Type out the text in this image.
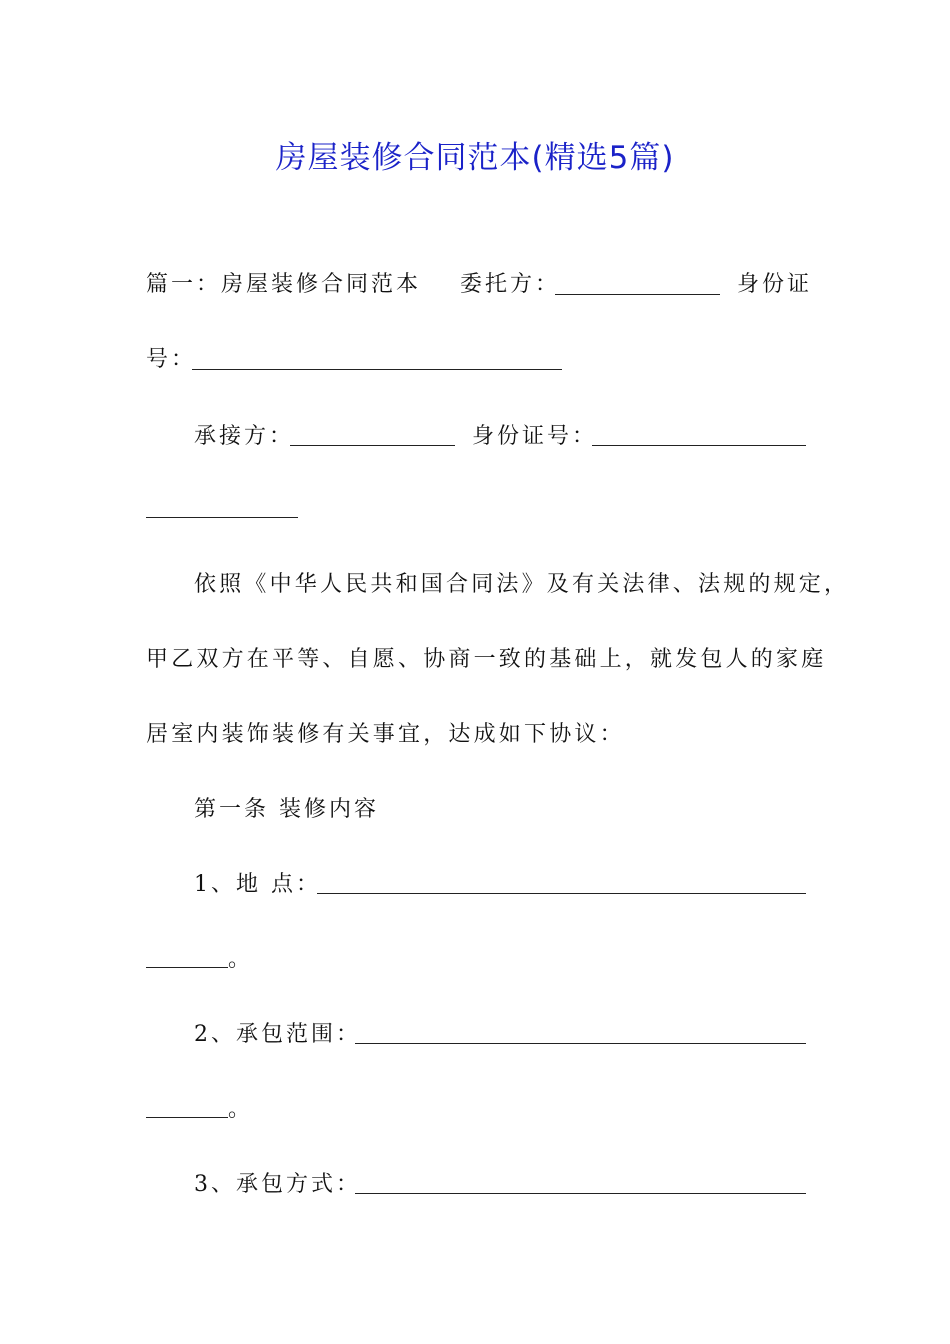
房屋装修合同范本(精选5篇)
篇一：房屋装修合同范本 委托方：	身份证
号：
承接方：	身份证号：
依照《中华人民共和国合同法》及有关法律、法规的规定，
甲乙双方在平等、自愿、协商一致的基础上，就发包人的家庭
居室内装饰装修有关事宜，达成如下协议：
第一条 装修内容
1、地 点：
。
2、承包范围：
。
3、承包方式：
